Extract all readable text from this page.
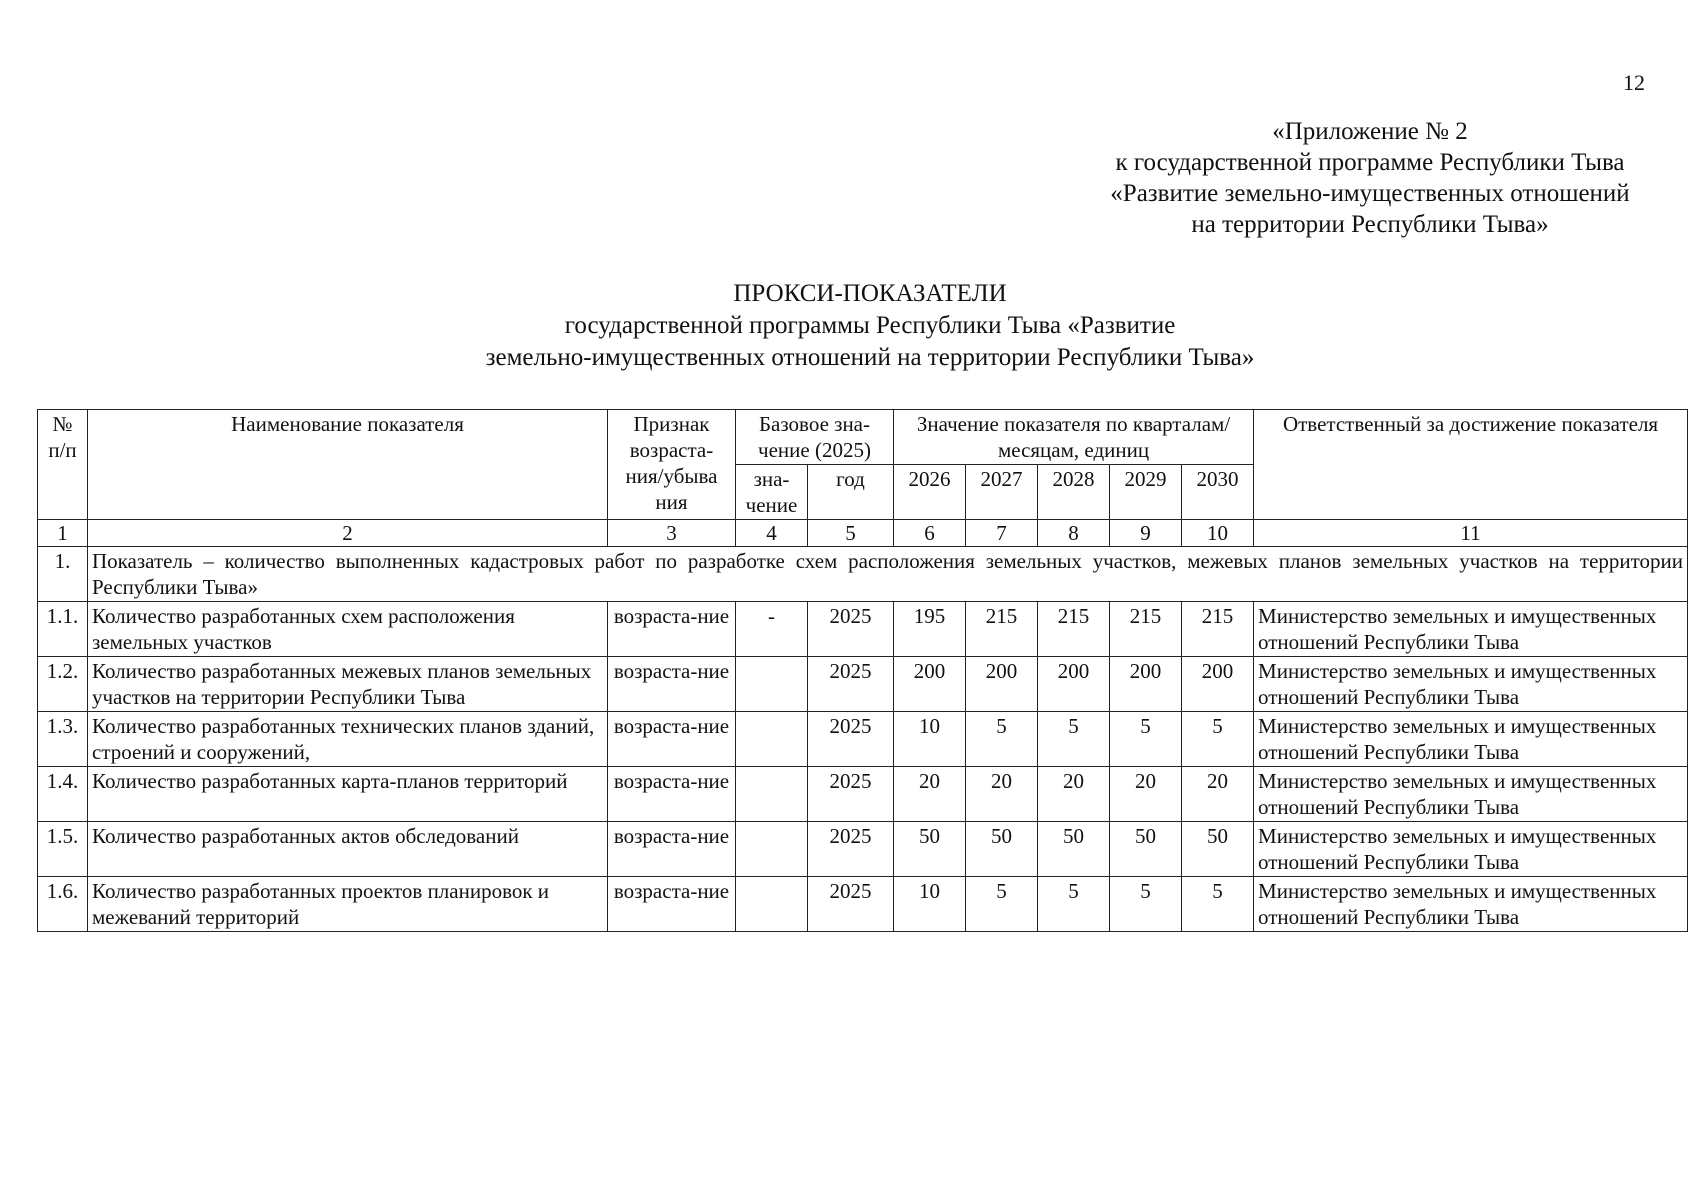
12
«Приложение № 2
к государственной программе Республики Тыва
«Развитие земельно-имущественных отношений
на территории Республики Тыва»
ПРОКСИ-ПОКАЗАТЕЛИ
государственной программы Республики Тыва «Развитие
земельно-имущественных отношений на территории Республики Тыва»
№ п/п	Наименование показателя	Признак возраста-ния/убыва ния	Базовое зна-чение (2025)		Значение показателя по кварталам/месяцам, единиц					Ответственный за достижение показателя
			зна-чение	год	2026	2027	2028	2029	2030	
1	2	3	4	5	6	7	8	9	10	11
1.	Показатель – количество выполненных кадастровых работ по разработке схем расположения земельных участков, межевых планов земельных участков на территории Республики Тыва»									
1.1.	Количество разработанных схем расположения земельных участков	возраста-ние	-	2025	195	215	215	215	215	Министерство земельных и имущественных отношений Республики Тыва
1.2.	Количество разработанных межевых планов земельных участков на территории Республики Тыва	возраста-ние		2025	200	200	200	200	200	Министерство земельных и имущественных отношений Республики Тыва
1.3.	Количество разработанных технических планов зданий, строений и сооружений,	возраста-ние		2025	10	5	5	5	5	Министерство земельных и имущественных отношений Республики Тыва
1.4.	Количество разработанных карта-планов территорий	возраста-ние		2025	20	20	20	20	20	Министерство земельных и имущественных отношений Республики Тыва
1.5.	Количество разработанных актов обследований	возраста-ние		2025	50	50	50	50	50	Министерство земельных и имущественных отношений Республики Тыва
1.6.	Количество разработанных проектов планировок и межеваний территорий	возраста-ние		2025	10	5	5	5	5	Министерство земельных и имущественных отношений Республики Тыва
